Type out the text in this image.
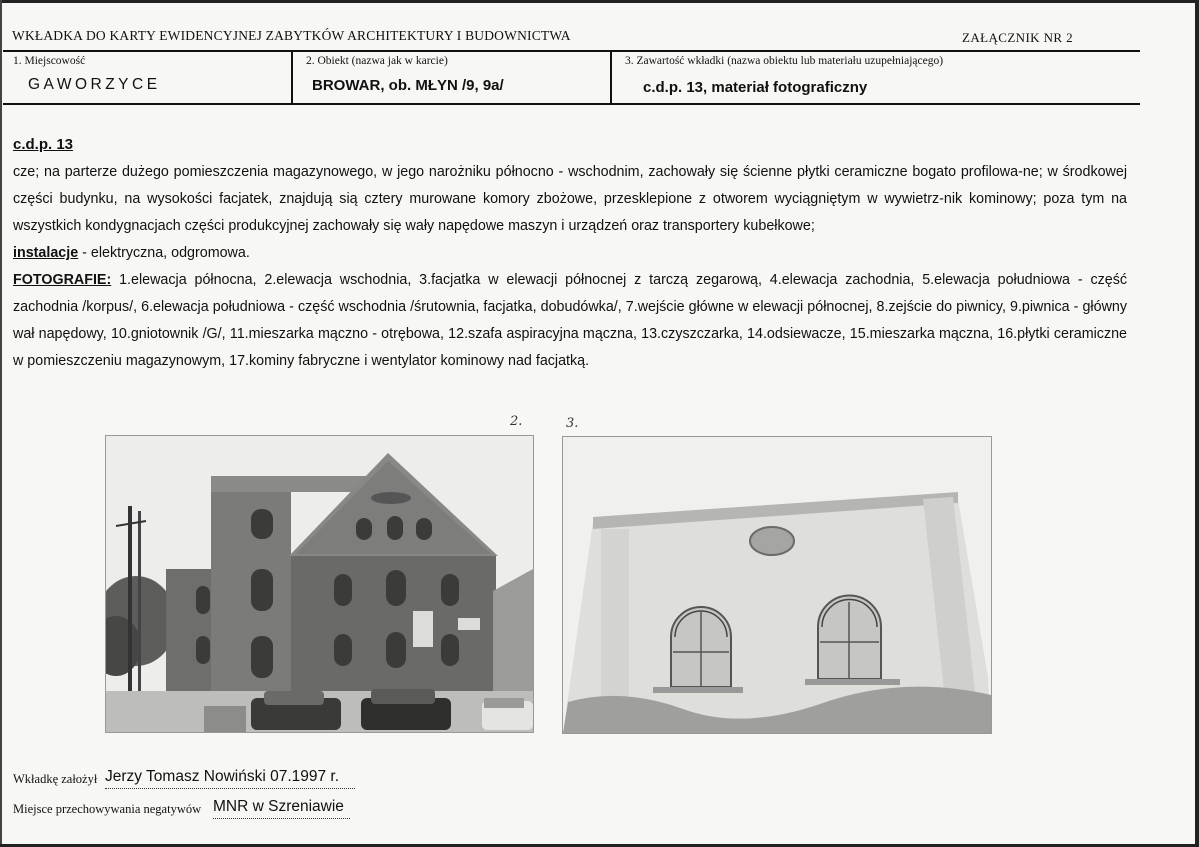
WKŁADKA DO KARTY EWIDENCYJNEJ ZABYTKÓW ARCHITEKTURY I BUDOWNICTWA	ZAŁĄCZNIK NR 2
1. Miejscowość	2. Obiekt (nazwa jak w karcie)	3. Zawartość wkładki (nazwa obiektu lub materiału uzupełniającego)
GAWORZYCE	BROWAR, ob. MŁYN /9, 9a/	c.d.p. 13, materiał fotograficzny

c.d.p. 13

cze; na parterze dużego pomieszczenia magazynowego, w jego narożniku północno - wschodnim, zachowały się ścienne płytki ceramiczne bogato profilowa-ne; w środkowej części budynku, na wysokości facjatek, znajdują sią cztery murowane komory zbożowe, przesklepione z otworem wyciągniętym w wywietrz-nik kominowy; poza tym na wszystkich kondygnacjach części produkcyjnej zachowały się wały napędowe maszyn i urządzeń oraz transportery kubełkowe;

instalacje - elektryczna, odgromowa.

FOTOGRAFIE: 1.elewacja północna, 2.elewacja wschodnia, 3.facjatka w elewacji północnej z tarczą zegarową, 4.elewacja zachodnia, 5.elewacja południowa - część zachodnia /korpus/, 6.elewacja południowa - część wschodnia /śrutownia, facjatka, dobudówka/, 7.wejście główne w elewacji północnej, 8.zejście do piwnicy, 9.piwnica - główny wał napędowy, 10.gniotownik /G/, 11.mieszarka mączno - otrębowa, 12.szafa aspiracyjna mączna, 13.czyszczarka, 14.odsiewacze, 15.mieszarka mączna, 16.płytki ceramiczne w pomieszczeniu magazynowym, 17.kominy fabryczne i wentylator kominowy nad facjatką.

2.	3.
Wkładkę założył Jerzy Tomasz Nowiński 07.1997 r.
Miejsce przechowywania negatywów MNR w Szreniawie
